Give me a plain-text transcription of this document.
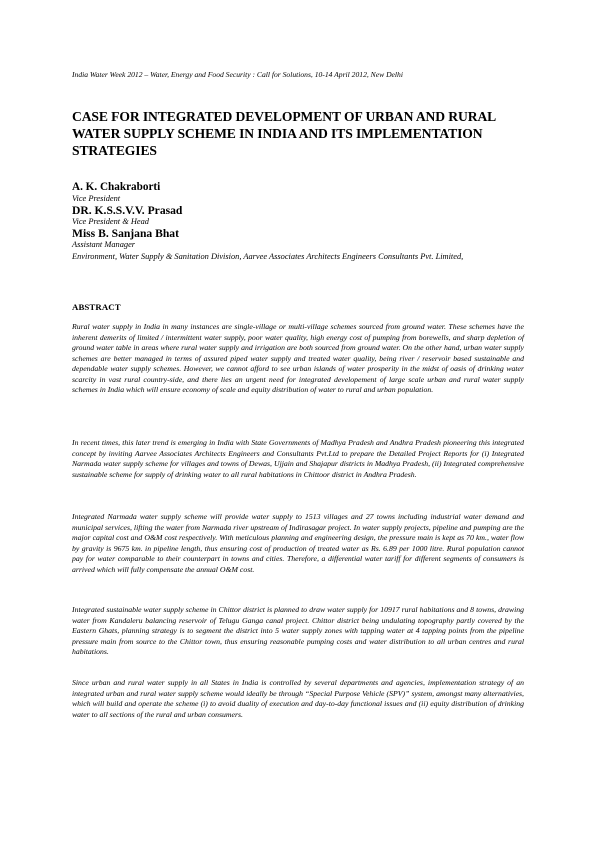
India Water Week 2012 – Water, Energy and Food Security : Call for Solutions, 10-14 April 2012, New Delhi
CASE FOR INTEGRATED DEVELOPMENT OF URBAN AND RURAL WATER SUPPLY SCHEME IN INDIA AND ITS IMPLEMENTATION STRATEGIES
A. K. Chakraborti
Vice President
DR. K.S.S.V.V. Prasad
Vice President & Head
Miss B. Sanjana Bhat
Assistant Manager
Environment, Water Supply & Sanitation Division, Aarvee Associates Architects Engineers Consultants Pvt. Limited,
ABSTRACT
Rural water supply in India in many instances are single-village or multi-village schemes sourced from ground water. These schemes have the inherent demerits of limited / intermittent water supply, poor water quality, high energy cost of pumping from borewells, and sharp depletion of ground water table in areas where rural water supply and irrigation are both sourced from ground water. On the other hand, urban water supply schemes are better managed in terms of assured piped water supply and treated water quality, being river / reservoir based sustainable and dependable water supply schemes. However, we cannot afford to see urban islands of water prosperity in the midst of oasis of drinking water scarcity in vast rural country-side, and there lies an urgent need for integrated developement of large scale urban and rural water supply schemes in India which will ensure economy of scale and equity distribution of water to rural and urban population.
In recent times, this later trend is emerging in India with State Governments of Madhya Pradesh and Andhra Pradesh pioneering this integrated concept by inviting Aarvee Associates Architects Engineers and Consultants Pvt.Ltd to prepare the Detailed Project Reports for (i) Integrated Narmada water supply scheme for villages and towns of Dewas, Ujjain and Shajapur districts in Madhya Pradesh, (ii) Integrated comprehensive sustainable scheme for supply of drinking water to all rural habitations in Chittoor district in Andhra Pradesh.
Integrated Narmada water supply scheme will provide water supply to 1513 villages and 27 towns including industrial water demand and municipal services, lifting the water from Narmada river upstream of Indirasagar project. In water supply projects, pipeline and pumping are the major capital cost and O&M cost respectively. With meticulous planning and engineering design, the pressure main is kept as 70 km., water flow by gravity is 9675 km. in pipeline length, thus ensuring cost of production of treated water as Rs. 6.89 per 1000 litre. Rural population cannot pay for water comparable to their counterpart in towns and cities. Therefore, a differential water tariff for different segments of consumers is arrived which will fully compensate the annual O&M cost.
Integrated sustainable water supply scheme in Chittor district is planned to draw water supply for 10917 rural habitations and 8 towns, drawing water from Kandaleru balancing reservoir of Telugu Ganga canal project. Chittor district being undulating topography partly covered by the Eastern Ghats, planning strategy is to segment the district into 5 water supply zones with tapping water at 4 tapping points from the pipeline pressure main from source to the Chittor town, thus ensuring reasonable pumping costs and water distribution to all urban centres and rural habitations.
Since urban and rural water supply in all States in India is controlled by several departments and agencies, implementation strategy of an integrated urban and rural water supply scheme would ideally be through “Special Purpose Vehicle (SPV)” system, amongst many alternativies, which will build and operate the scheme (i) to avoid duality of execution and day-to-day functional issues and (ii) equity distribution of drinking water to all sections of the rural and urban consumers.
